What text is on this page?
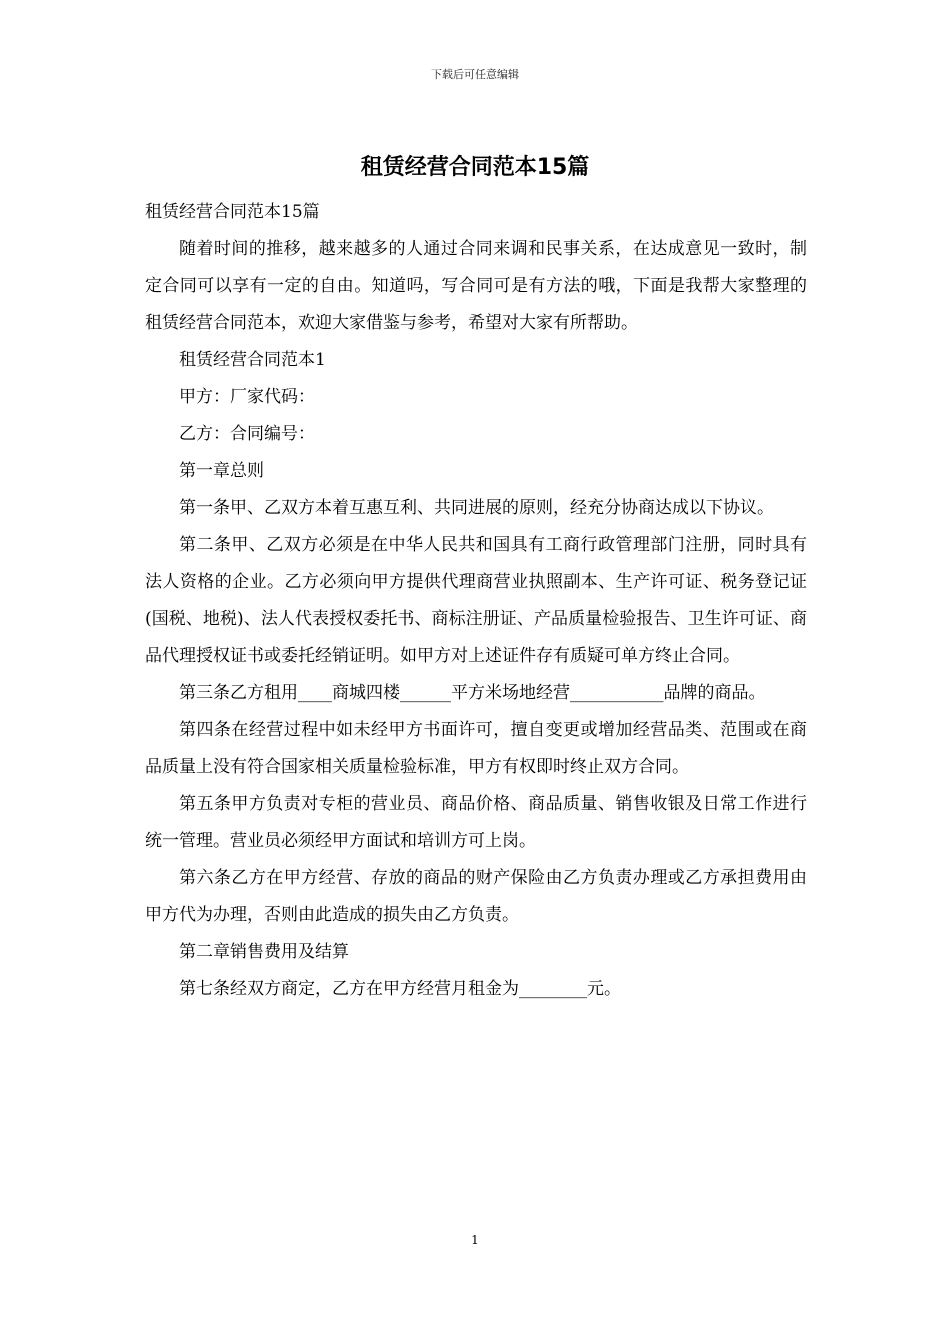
下载后可任意编辑
租赁经营合同范本15篇

租赁经营合同范本15篇

随着时间的推移，越来越多的人通过合同来调和民事关系，在达成意见一致时，制定合同可以享有一定的自由。知道吗，写合同可是有方法的哦，下面是我帮大家整理的租赁经营合同范本，欢迎大家借鉴与参考，希望对大家有所帮助。

租赁经营合同范本1

甲方：厂家代码：

乙方：合同编号：

第一章总则

第一条甲、乙双方本着互惠互利、共同进展的原则，经充分协商达成以下协议。

第二条甲、乙双方必须是在中华人民共和国具有工商行政管理部门注册，同时具有法人资格的企业。乙方必须向甲方提供代理商营业执照副本、生产许可证、税务登记证(国税、地税)、法人代表授权委托书、商标注册证、产品质量检验报告、卫生许可证、商品代理授权证书或委托经销证明。如甲方对上述证件存有质疑可单方终止合同。

第三条乙方租用____商城四楼______平方米场地经营___________品牌的商品。

第四条在经营过程中如未经甲方书面许可，擅自变更或增加经营品类、范围或在商品质量上没有符合国家相关质量检验标准，甲方有权即时终止双方合同。

第五条甲方负责对专柜的营业员、商品价格、商品质量、销售收银及日常工作进行统一管理。营业员必须经甲方面试和培训方可上岗。

第六条乙方在甲方经营、存放的商品的财产保险由乙方负责办理或乙方承担费用由甲方代为办理，否则由此造成的损失由乙方负责。

第二章销售费用及结算

第七条经双方商定，乙方在甲方经营月租金为________元。

1
